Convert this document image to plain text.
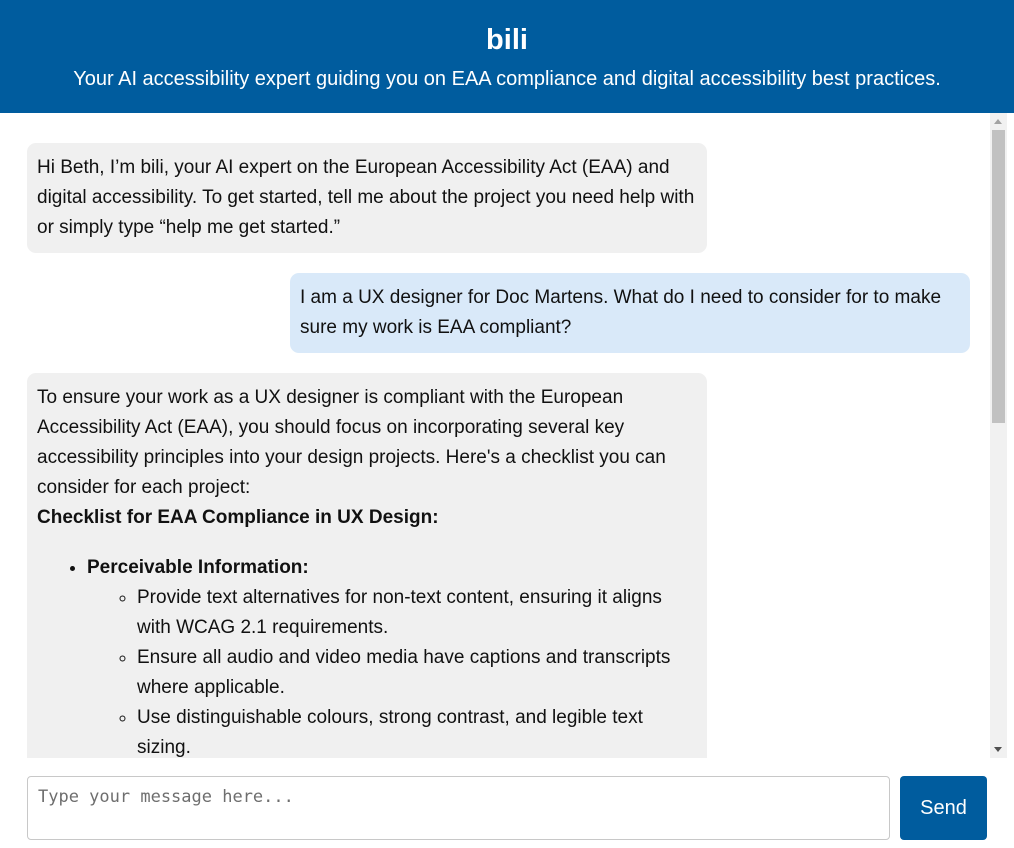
bili
Your AI accessibility expert guiding you on EAA compliance and digital accessibility best practices.

Hi Beth, I’m bili, your AI expert on the European Accessibility Act (EAA) and digital accessibility. To get started, tell me about the project you need help with or simply type “help me get started.”

I am a UX designer for Doc Martens. What do I need to consider for to make sure my work is EAA compliant?

To ensure your work as a UX designer is compliant with the European Accessibility Act (EAA), you should focus on incorporating several key accessibility principles into your design projects. Here's a checklist you can consider for each project:

Checklist for EAA Compliance in UX Design:

• Perceivable Information:
◦ Provide text alternatives for non-text content, ensuring it aligns with WCAG 2.1 requirements.
◦ Ensure all audio and video media have captions and transcripts where applicable.
◦ Use distinguishable colours, strong contrast, and legible text sizing.
Type your message here...
Send
